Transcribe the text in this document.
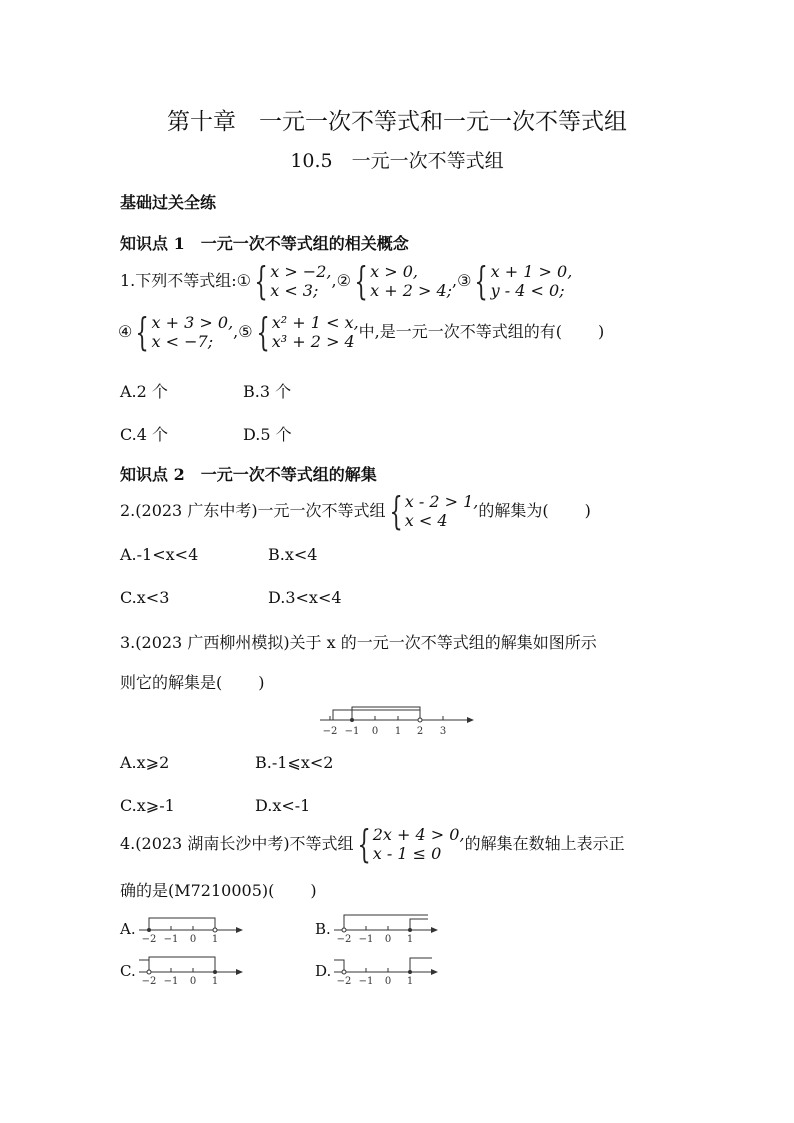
第十章　一元一次不等式和一元一次不等式组
10.5　一元一次不等式组
基础过关全练
知识点 1　一元一次不等式组的相关概念
1.下列不等式组: ① { x > −2,
x < 3;
, ② { x > 0,
x + 2 > 4;
, ③ { x + 1 > 0,
y - 4 < 0;
④ { x + 3 > 0,
x < −7;
, ⑤ { x² + 1 < x,
x³ + 2 > 4
中,是一元一次不等式组的有( )
A.2 个	B.3 个
C.4 个	D.5 个
知识点 2　一元一次不等式组的解集
2.(2023 广东中考)一元一次不等式组 { x - 2 > 1,
x < 4
的解集为( )
A.-1<x<4	B.x<4
C.x<3	D.3<x<4
3.(2023 广西柳州模拟)关于 x 的一元一次不等式组的解集如图所示
则它的解集是( )
−2 −1 0 1 2 3
A.x⩾2	B.-1⩽x<2
C.x⩾-1	D.x<-1
4.(2023 湖南长沙中考)不等式组 { 2x + 4 > 0,
x - 1 ≤ 0
的解集在数轴上表示正
确的是(M7210005)( )
A.
−2 −1 0 1
B.
−2 −1 0 1
C.
−2 −1 0 1
D.
−2 −1 0 1
